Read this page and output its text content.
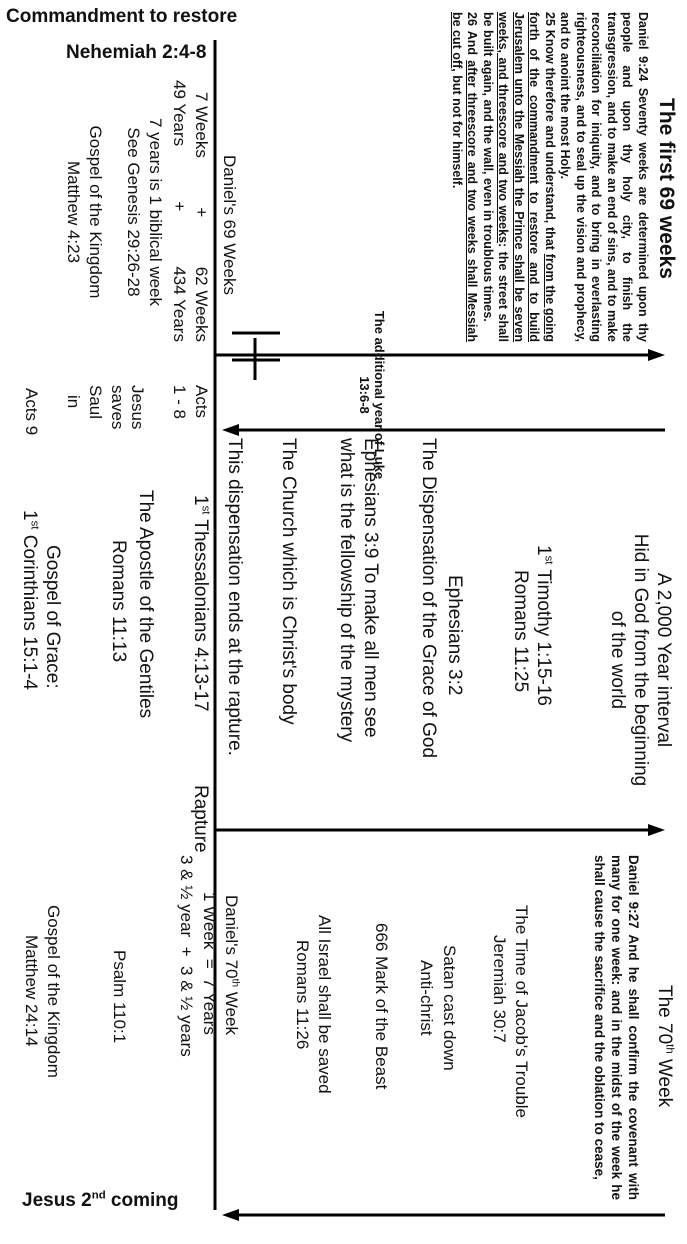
Commandment to restore
Nehemiah 2:4-8
Jesus 2nd coming
The first 69 weeks
Daniel 9:24 Seventy weeks are determined upon thy people and upon thy holy city, to finish the transgression, and to make an end of sins, and to make reconciliation for iniquity, and to bring in everlasting righteousness, and to seal up the vision and prophecy, and to anoint the most Holy.
25 Know therefore and understand, that from the going forth of the commandment to restore and to build Jerusalem unto the Messiah the Prince shall be seven weeks, and threescore and two weeks: the street shall be built again, and the wall, even in troublous times.
26 And after threescore and two weeks shall Messiah be cut off, but not for himself.
Daniel's 69 Weeks
7 Weeks
+
62 Weeks
49 Years
+
434 Years
7 years is 1 biblical week
See Genesis 29:26-28
Gospel of the Kingdom
Matthew 4:23
The additional year of Luke 13:6-8
Acts
1 - 8
Jesus
saves
Saul
in
Acts 9
A 2,000 Year interval
Hid in God from the beginning
of the world
1st Timothy 1:15-16
Romans 11:25
Ephesians 3:2
The Dispensation of the Grace of God
Ephesians 3:9 To make all men see
what is the fellowship of the mystery
The Church which is Christ's body
This dispensation ends at the rapture.
1st Thessalonians 4:13-17
The Apostle of the Gentiles
Romans 11:13
Gospel of Grace:
1st Corinthians 15:1-4
Rapture
The 70th Week
Daniel 9:27 And he shall confirm the covenant with many for one week: and in the midst of the week he shall cause the sacrifice and the oblation to cease,
The Time of Jacob's Trouble
Jeremiah 30:7
Satan cast down
Anti-christ
666 Mark of the Beast
All Israel shall be saved
Romans 11:26
Daniel's 70th Week
1 Week  =  7 Years
3 & ½ year  +  3 & ½ years
Psalm 110:1
Gospel of the Kingdom
Matthew 24:14
